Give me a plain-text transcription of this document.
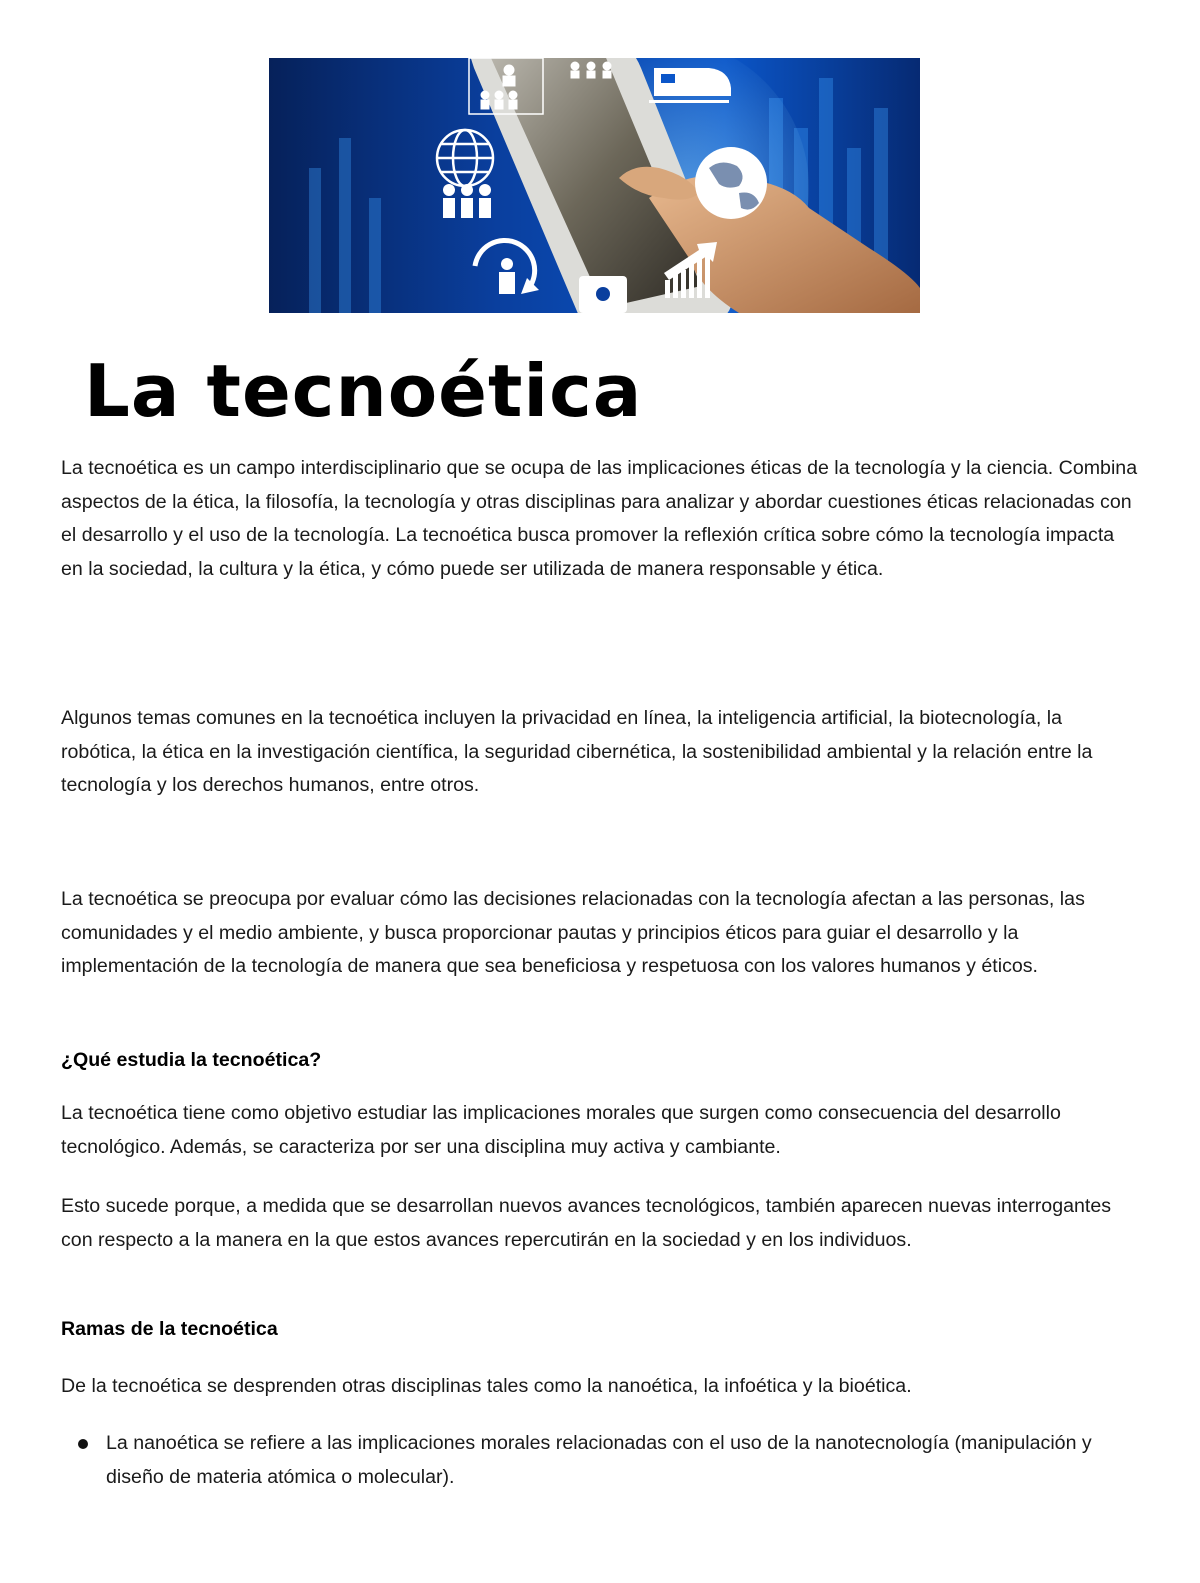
La tecnoética

La tecnoética es un campo interdisciplinario que se ocupa de las implicaciones éticas de la tecnología y la ciencia. Combina aspectos de la ética, la filosofía, la tecnología y otras disciplinas para analizar y abordar cuestiones éticas relacionadas con el desarrollo y el uso de la tecnología. La tecnoética busca promover la reflexión crítica sobre cómo la tecnología impacta en la sociedad, la cultura y la ética, y cómo puede ser utilizada de manera responsable y ética.

Algunos temas comunes en la tecnoética incluyen la privacidad en línea, la inteligencia artificial, la biotecnología, la robótica, la ética en la investigación científica, la seguridad cibernética, la sostenibilidad ambiental y la relación entre la tecnología y los derechos humanos, entre otros.

La tecnoética se preocupa por evaluar cómo las decisiones relacionadas con la tecnología afectan a las personas, las comunidades y el medio ambiente, y busca proporcionar pautas y principios éticos para guiar el desarrollo y la implementación de la tecnología de manera que sea beneficiosa y respetuosa con los valores humanos y éticos.

¿Qué estudia la tecnoética?

La tecnoética tiene como objetivo estudiar las implicaciones morales que surgen como consecuencia del desarrollo tecnológico. Además, se caracteriza por ser una disciplina muy activa y cambiante.

Esto sucede porque, a medida que se desarrollan nuevos avances tecnológicos, también aparecen nuevas interrogantes con respecto a la manera en la que estos avances repercutirán en la sociedad y en los individuos.

Ramas de la tecnoética

De la tecnoética se desprenden otras disciplinas tales como la nanoética, la infoética y la bioética.

La nanoética se refiere a las implicaciones morales relacionadas con el uso de la nanotecnología (manipulación y diseño de materia atómica o molecular).
